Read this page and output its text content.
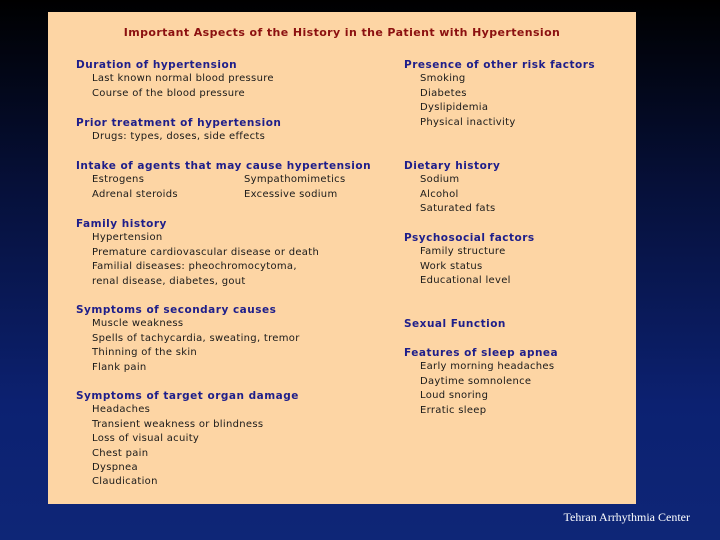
Important Aspects of the History in the Patient with Hypertension
Duration of hypertension
Last known normal blood pressure
Course of the blood pressure
Prior treatment of hypertension
Drugs: types, doses, side effects
Intake of agents that may cause hypertension
Estrogens	Sympathomimetics
Adrenal steroids	Excessive sodium
Family history
Hypertension
Premature cardiovascular disease or death
Familial diseases: pheochromocytoma,
renal disease, diabetes, gout
Symptoms of secondary causes
Muscle weakness
Spells of tachycardia, sweating, tremor
Thinning of the skin
Flank pain
Symptoms of target organ damage
Headaches
Transient weakness or blindness
Loss of visual acuity
Chest pain
Dyspnea
Claudication
Presence of other risk factors
Smoking
Diabetes
Dyslipidemia
Physical inactivity
Dietary history
Sodium
Alcohol
Saturated fats
Psychosocial factors
Family structure
Work status
Educational level
Sexual Function
Features of sleep apnea
Early morning headaches
Daytime somnolence
Loud snoring
Erratic sleep
Tehran Arrhythmia Center
